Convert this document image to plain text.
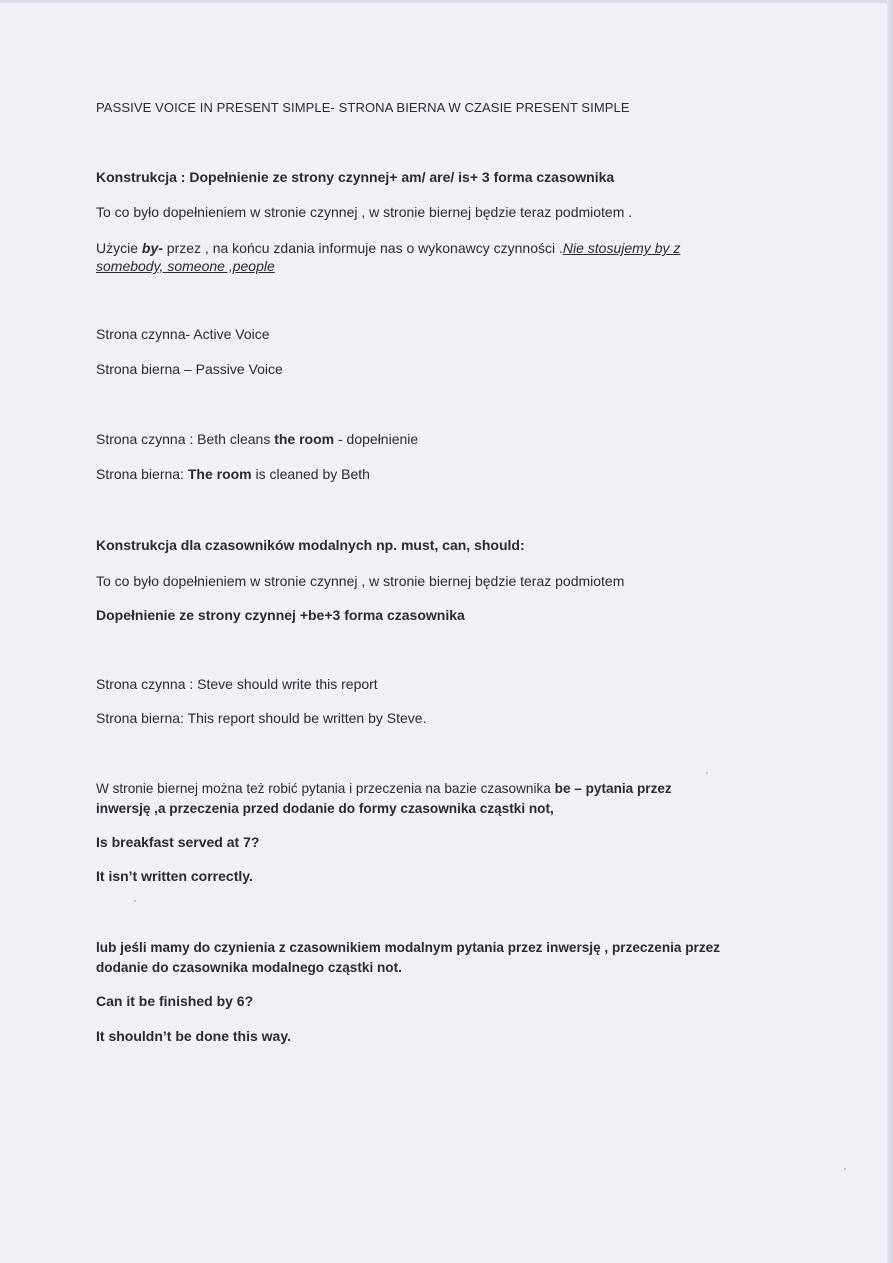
PASSIVE VOICE IN PRESENT SIMPLE- STRONA BIERNA W CZASIE PRESENT SIMPLE

Konstrukcja : Dopełnienie ze strony czynnej+ am/ are/ is+ 3 forma czasownika

To co było dopełnieniem w stronie czynnej , w stronie biernej będzie teraz podmiotem .

Użycie by- przez , na końcu zdania informuje nas o wykonawcy czynności .Nie stosujemy by z

somebody, someone ,people

Strona czynna- Active Voice

Strona bierna – Passive Voice

Strona czynna : Beth cleans the room - dopełnienie

Strona bierna: The room is cleaned by Beth

Konstrukcja dla czasowników modalnych np. must, can, should:

To co było dopełnieniem w stronie czynnej , w stronie biernej będzie teraz podmiotem

Dopełnienie ze strony czynnej +be+3 forma czasownika

Strona czynna : Steve should write this report

Strona bierna: This report should be written by Steve.

W stronie biernej można też robić pytania i przeczenia na bazie czasownika be – pytania przez

inwersję ,a przeczenia przed dodanie do formy czasownika cząstki not,

Is breakfast served at 7?

It isn’t written correctly.

lub jeśli mamy do czynienia z czasownikiem modalnym pytania przez inwersję , przeczenia przez

dodanie do czasownika modalnego cząstki not.

Can it be finished by 6?

It shouldn’t be done this way.
